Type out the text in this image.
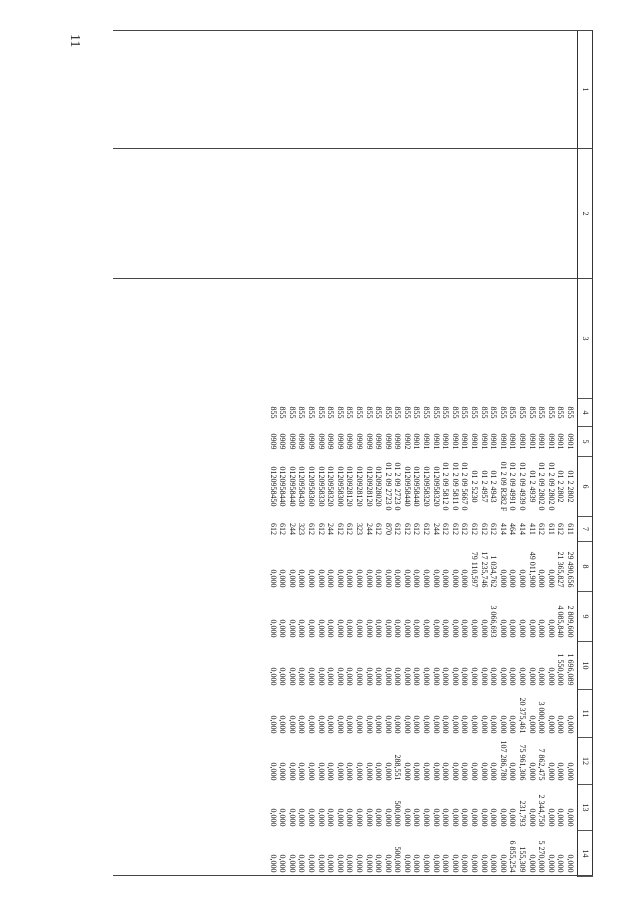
11
1	2	3	4	5	6	7	8	9	10	11	12	13	14
			855	0901	01 2 2802	611	29 490,656	2 809,600	1 696,089	0,000	0,000	0,000	0,000
			855	0901	01 2 2802	612	21 365,827	4 085,840	1 550,000	0,000	0,000	0,000	0,000
			855	0901	01 2 09 2802 0	611	0,000	0,000	0,000	0,000	0,000	0,000	0,000
			855	0901	01 2 09 2802 0	612	0,000	0,000	0,000	3 000,000	7 862,475	2 344,750	5 270,000
			855	0901	01 2 4939	411	49 011,900	0,000	0,000	0,000	0,000	0,000	0,000
			855	0901	01 2 09 4939 0	414	0,000	0,000	0,000	20 375,461	75 961,306	231,793	155,309
			855	0901	01 2 09 4991 0	464	0,000	0,000	0,000	0,000	0,000	0,000	6 855,254
			855	0901	01 2 09 R382 F	414	0,000	0,000	0,000	0,000	107 286,780	0,000	0,000
			855	0901	01 2 4943	612	1 034,762	3 066,693	0,000	0,000	0,000	0,000	0,000
			855	0901	01 2 4957	612	17 235,746	0,000	0,000	0,000	0,000	0,000	0,000
			855	0901	01 2 5230	612	79 110,597	0,000	0,000	0,000	0,000	0,000	0,000
			855	0901	01 2 09 5667 0	612	0,000	0,000	0,000	0,000	0,000	0,000	0,000
			855	0901	01 2 09 5811 0	612	0,000	0,000	0,000	0,000	0,000	0,000	0,000
			855	0901	01 2 09 5812 0	612	0,000	0,000	0,000	0,000	0,000	0,000	0,000
			855	0901	0120958320	244	0,000	0,000	0,000	0,000	0,000	0,000	0,000
			855	0901	0120958320	612	0,000	0,000	0,000	0,000	0,000	0,000	0,000
			855	0901	0120958440	612	0,000	0,000	0,000	0,000	0,000	0,000	0,000
			855	0902	0120958440	612	0,000	0,000	0,000	0,000	0,000	0,000	0,000
			855	0909	01 2 09 2723 0	612	0,000	0,000	0,000	0,000	288,551	500,000	500,000
			855	0909	01 2 09 2723 0	870	0,000	0,000	0,000	0,000	0,000	0,000	0,000
			855	0909	0120928020	612	0,000	0,000	0,000	0,000	0,000	0,000	0,000
			855	0909	0120928120	244	0,000	0,000	0,000	0,000	0,000	0,000	0,000
			855	0909	0120928120	323	0,000	0,000	0,000	0,000	0,000	0,000	0,000
			855	0909	0120928120	612	0,000	0,000	0,000	0,000	0,000	0,000	0,000
			855	0909	0120958300	612	0,000	0,000	0,000	0,000	0,000	0,000	0,000
			855	0909	0120958320	244	0,000	0,000	0,000	0,000	0,000	0,000	0,000
			855	0909	0120958330	612	0,000	0,000	0,000	0,000	0,000	0,000	0,000
			855	0909	0120958360	612	0,000	0,000	0,000	0,000	0,000	0,000	0,000
			855	0909	0120958430	323	0,000	0,000	0,000	0,000	0,000	0,000	0,000
			855	0909	0120958440	244	0,000	0,000	0,000	0,000	0,000	0,000	0,000
			855	0909	0120958440	612	0,000	0,000	0,000	0,000	0,000	0,000	0,000
			855	0909	0120958450	612	0,000	0,000	0,000	0,000	0,000	0,000	0,000
